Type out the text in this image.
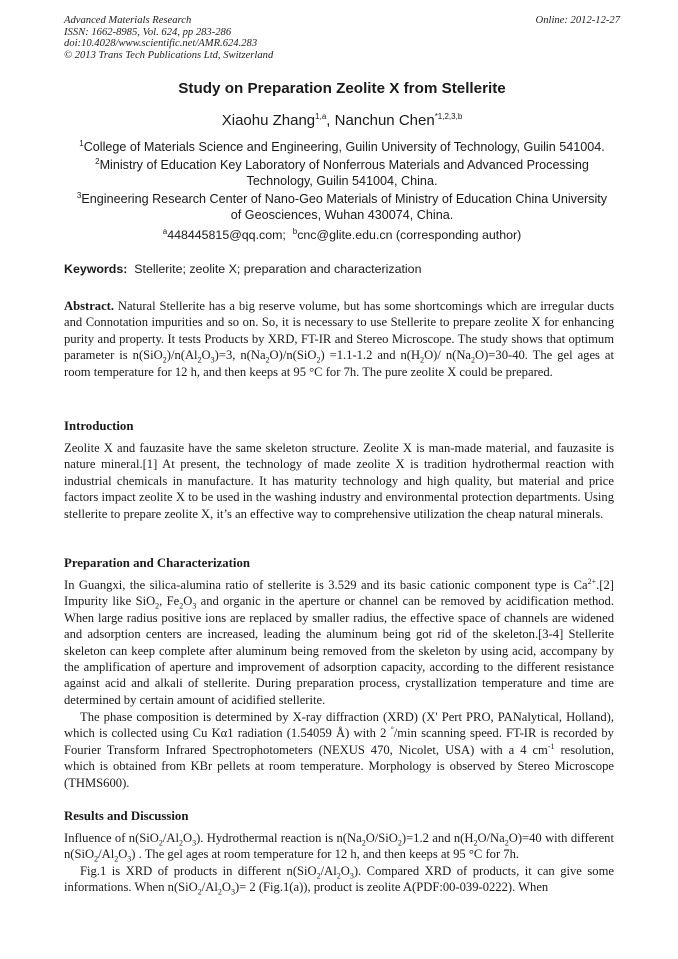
Advanced Materials Research
ISSN: 1662-8985, Vol. 624, pp 283-286
doi:10.4028/www.scientific.net/AMR.624.283
© 2013 Trans Tech Publications Ltd, Switzerland
Online: 2012-12-27
Study on Preparation Zeolite X from Stellerite
Xiaohu Zhang$^{1,a}$, Nanchun Chen$^{*1,2,3,b}$
$^1$College of Materials Science and Engineering, Guilin University of Technology, Guilin 541004.
$^2$Ministry of Education Key Laboratory of Nonferrous Materials and Advanced Processing
Technology, Guilin 541004, China.
$^3$Engineering Research Center of Nano-Geo Materials of Ministry of Education China University
of Geosciences, Wuhan 430074, China.
$^a$448445815@qq.com; $^b$cnc@glite.edu.cn (corresponding author)
Keywords: Stellerite; zeolite X; preparation and characterization
Abstract. Natural Stellerite has a big reserve volume, but has some shortcomings which are irregular ducts and Connotation impurities and so on. So, it is necessary to use Stellerite to prepare zeolite X for enhancing purity and property. It tests Products by XRD, FT-IR and Stereo Microscope. The study shows that optimum parameter is $n(SiO_2)/n(Al_2O_3)=3$, $n(Na_2O)/n(SiO_2) =1.1-1.2$ and $n(H_2O)/$ $n(Na_2O)=30-40$. The gel ages at room temperature for 12 h, and then keeps at 95 °C for 7h. The pure zeolite X could be prepared.
Introduction
Zeolite X and fauzasite have the same skeleton structure. Zeolite X is man-made material, and fauzasite is nature mineral.[1] At present, the technology of made zeolite X is tradition hydrothermal reaction with industrial chemicals in manufacture. It has maturity technology and high quality, but material and price factors impact zeolite X to be used in the washing industry and environmental protection departments. Using stellerite to prepare zeolite X, it’s an effective way to comprehensive utilization the cheap natural minerals.
Preparation and Characterization
In Guangxi, the silica-alumina ratio of stellerite is 3.529 and its basic cationic component type is $Ca^{2+}.[2]$ Impurity like SiO$_2$, $Fe_2O_3$ and organic in the aperture or channel can be removed by acidification method. When large radius positive ions are replaced by smaller radius, the effective space of channels are widened and adsorption centers are increased, leading the aluminum being got rid of the skeleton.[3-4] Stellerite skeleton can keep complete after aluminum being removed from the skeleton by using acid, accompany by the amplification of aperture and improvement of adsorption capacity, according to the different resistance against acid and alkali of stellerite. During preparation process, crystallization temperature and time are determined by certain amount of acidified stellerite.
The phase composition is determined by X-ray diffraction (XRD) (X' Pert PRO, PANalytical, Holland), which is collected using Cu Kα1 radiation (1.54059 Å) with 2 °/min scanning speed. FT-IR is recorded by Fourier Transform Infrared Spectrophotometers (NEXUS 470, Nicolet, USA) with a 4 $cm^{-1}$ resolution, which is obtained from KBr pellets at room temperature. Morphology is observed by Stereo Microscope (THMS600).
Results and Discussion
Influence of $n(SiO_2/Al_2O_3)$. Hydrothermal reaction is $n(Na_2O/SiO_2)=1.2$ and $n(H_2O/Na_2O)=40$ with different $n(SiO_2/Al_2O_3)$ . The gel ages at room temperature for 12 h, and then keeps at 95 °C for 7h.
Fig.1 is XRD of products in different $n(SiO_2/Al_2O_3)$. Compared XRD of products, it can give some informations. When $n(SiO_2/Al_2O_3)= 2$ (Fig.1(a)), product is zeolite A(PDF:00-039-0222). When
